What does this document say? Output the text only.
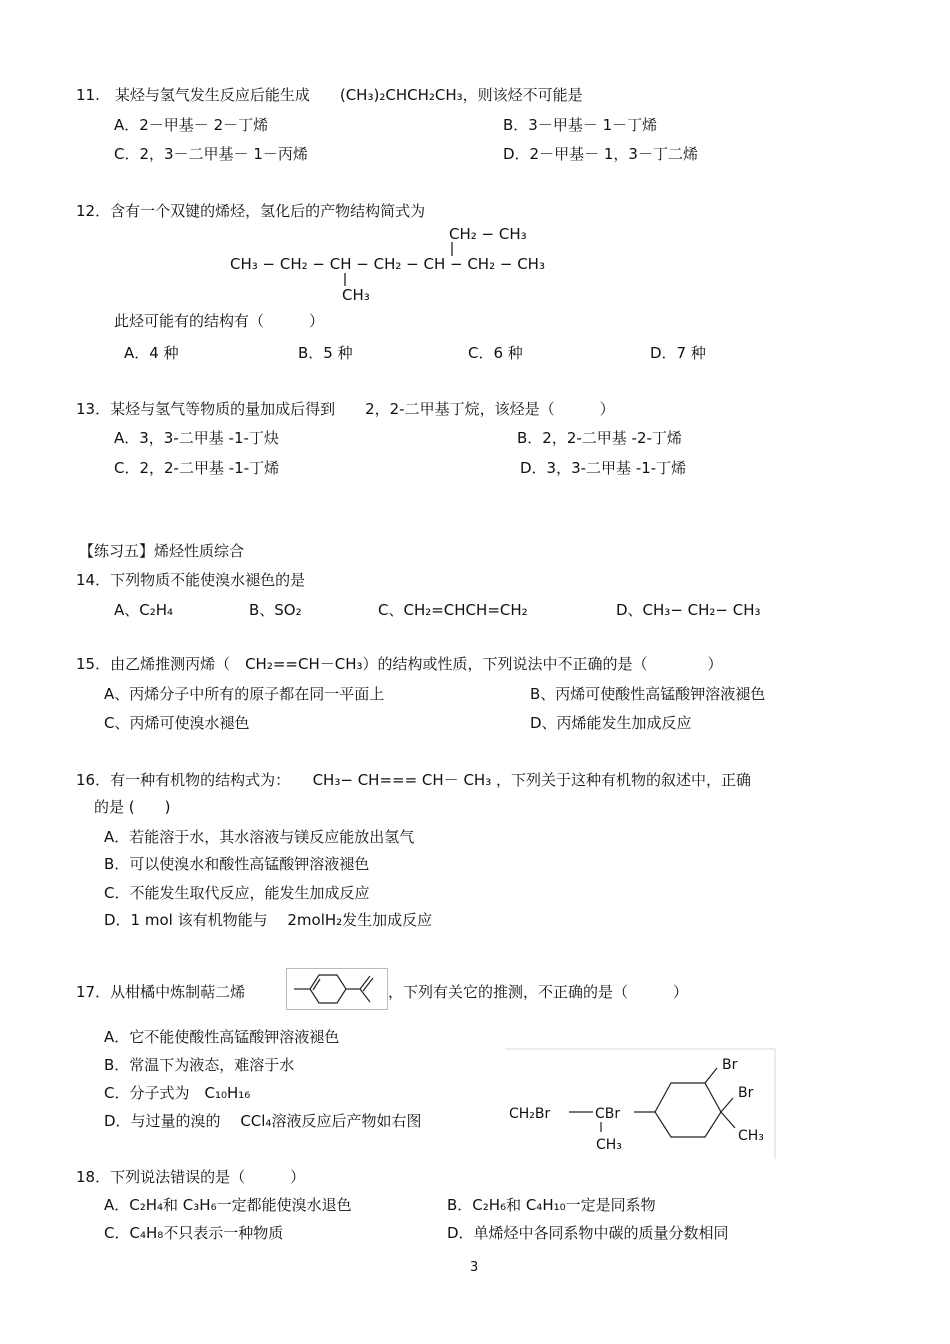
11.　某烃与氢气发生反应后能生成　　(CH₃)₂CHCH₂CH₃，则该烃不可能是
A．2－甲基－ 2－丁烯	B．3－甲基－ 1－丁烯
C．2，3－二甲基－ 1－丙烯	D．2－甲基－ 1，3－丁二烯
12．含有一个双键的烯烃，氢化后的产物结构简式为
CH₂ − CH₃
CH₃ − CH₂ − CH − CH₂ − CH − CH₂ − CH₃
CH₃
此烃可能有的结构有（　　　）
A．4 种	B．5 种	C．6 种	D．7 种
13．某烃与氢气等物质的量加成后得到　　2，2-二甲基丁烷，该烃是（　　　）
A．3，3-二甲基 -1-丁炔	B．2，2-二甲基 -2-丁烯
C．2，2-二甲基 -1-丁烯	D．3，3-二甲基 -1-丁烯
【练习五】烯烃性质综合
14．下列物质不能使溴水褪色的是
A、C₂H₄	B、SO₂	C、CH₂=CHCH=CH₂	D、CH₃− CH₂− CH₃
15．由乙烯推测丙烯（　CH₂==CH－CH₃）的结构或性质，下列说法中不正确的是（　　　　）
A、丙烯分子中所有的原子都在同一平面上	B、丙烯可使酸性高锰酸钾溶液褪色
C、丙烯可使溴水褪色	D、丙烯能发生加成反应
16．有一种有机物的结构式为：　　CH₃− CH=== CH－ CH₃ ，下列关于这种有机物的叙述中，正确
的是 (　　)
A．若能溶于水，其水溶液与镁反应能放出氢气
B．可以使溴水和酸性高锰酸钾溶液褪色
C．不能发生取代反应，能发生加成反应
D．1 mol 该有机物能与　 2molH₂发生加成反应
17．从柑橘中炼制萜二烯	，下列有关它的推测，不正确的是（　　　）
A．它不能使酸性高锰酸钾溶液褪色
B．常温下为液态，难溶于水
C．分子式为　C₁₀H₁₆
D．与过量的溴的　 CCl₄溶液反应后产物如右图	CH₂Br	CBr
CH₃
Br
Br
CH₃
18．下列说法错误的是（　　　）
A．C₂H₄和 C₃H₆一定都能使溴水退色	B．C₂H₆和 C₄H₁₀一定是同系物
C．C₄H₈不只表示一种物质	D．单烯烃中各同系物中碳的质量分数相同
3
